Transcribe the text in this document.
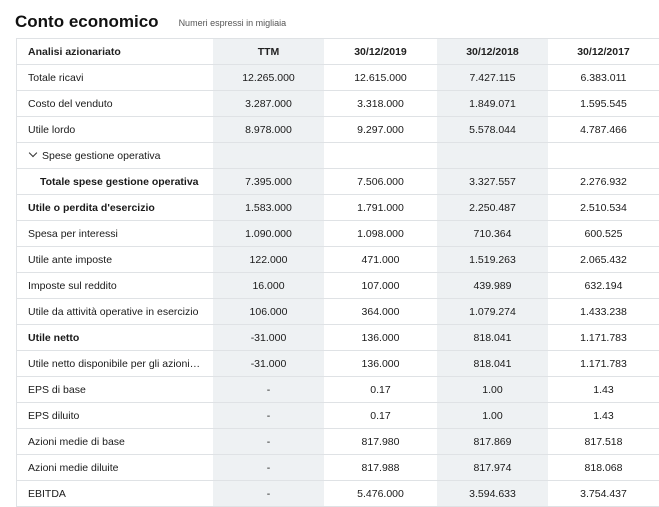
Conto economico Numeri espressi in migliaia
Analisi azionariato	TTM	30/12/2019	30/12/2018	30/12/2017
Totale ricavi	12.265.000	12.615.000	7.427.115	6.383.011
Costo del venduto	3.287.000	3.318.000	1.849.071	1.595.545
Utile lordo	8.978.000	9.297.000	5.578.044	4.787.466
Spese gestione operativa				
Totale spese gestione operativa	7.395.000	7.506.000	3.327.557	2.276.932
Utile o perdita d'esercizio	1.583.000	1.791.000	2.250.487	2.510.534
Spesa per interessi	1.090.000	1.098.000	710.364	600.525
Utile ante imposte	122.000	471.000	1.519.263	2.065.432
Imposte sul reddito	16.000	107.000	439.989	632.194
Utile da attività operative in esercizio	106.000	364.000	1.079.274	1.433.238
Utile netto	-31.000	136.000	818.041	1.171.783
Utile netto disponibile per gli azioni…	-31.000	136.000	818.041	1.171.783
EPS di base	-	0.17	1.00	1.43
EPS diluito	-	0.17	1.00	1.43
Azioni medie di base	-	817.980	817.869	817.518
Azioni medie diluite	-	817.988	817.974	818.068
EBITDA	-	5.476.000	3.594.633	3.754.437
